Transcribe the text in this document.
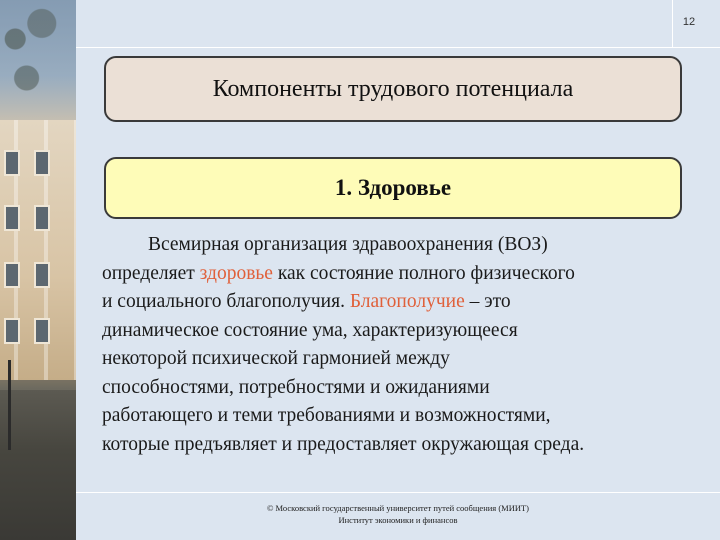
12
Компоненты трудового потенциала
1. Здоровье

Всемирная организация здравоохранения (ВОЗ)
определяет здоровье как состояние полного физического
и социального благополучия. Благополучие – это
динамическое состояние ума, характеризующееся
некоторой психической гармонией между
способностями, потребностями и ожиданиями
работающего и теми требованиями и возможностями,
которые предъявляет и предоставляет окружающая среда.

© Московский государственный университет путей сообщения (МИИТ)
Институт экономики и финансов
